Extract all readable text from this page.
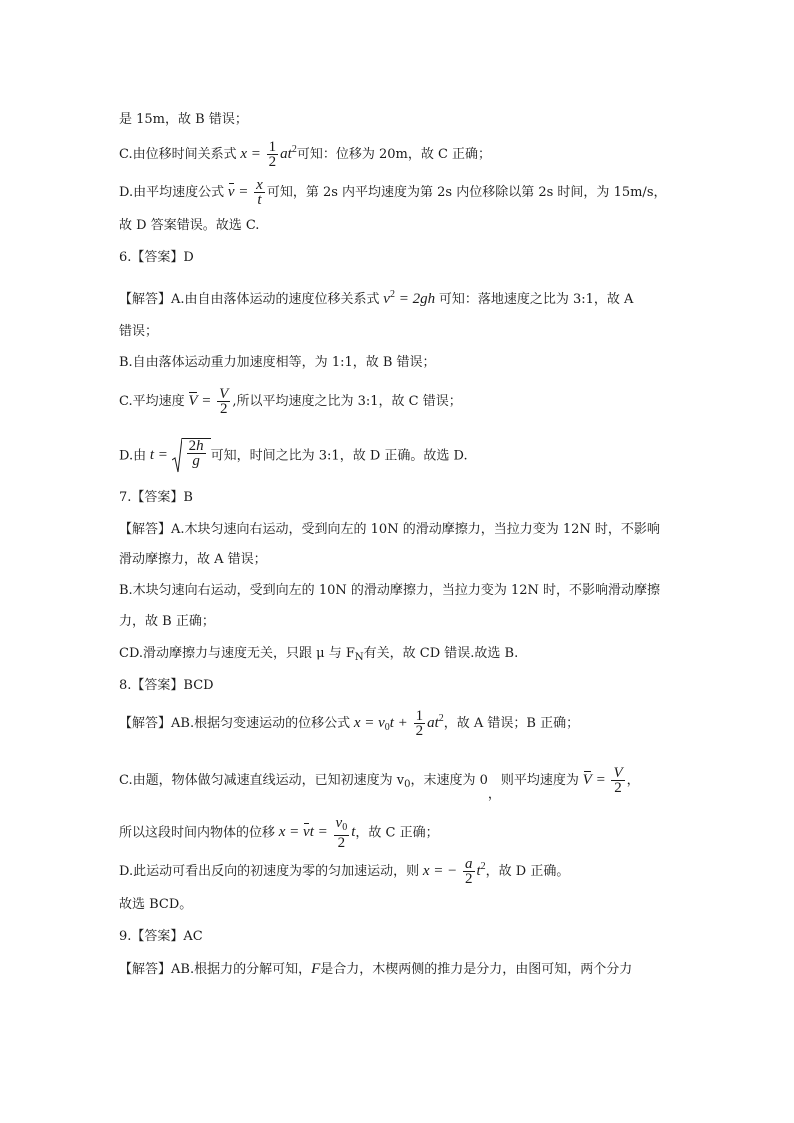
是 15m，故 B 错误；
C.由位移时间关系式 $x = \frac{1}{2} at^2$可知：位移为 20m，故 C 正确；
D.由平均速度公式 $v = \frac{x}{t}$ 可知，第 2s 内平均速度为第 2s 内位移除以第 2s 时间，为 15m/s，
故 D 答案错误。故选 C.
6.【答案】D
【解答】A.由自由落体运动的速度位移关系式 $v^2 = 2gh$ 可知：落地速度之比为 3:1，故 A
错误；
B.自由落体运动重力加速度相等，为 1:1，故 B 错误；
C.平均速度 $V = \frac{V}{2}$ ,所以平均速度之比为 3:1，故 C 错误；
D.由 $t = \frac{2h}{g}$ 可知，时间之比为 3:1，故 D 正确。故选 D.
7.【答案】B
【解答】A.木块匀速向右运动，受到向左的 10N 的滑动摩擦力，当拉力变为 12N 时，不影响
滑动摩擦力，故 A 错误；
B.木块匀速向右运动，受到向左的 10N 的滑动摩擦力，当拉力变为 12N 时，不影响滑动摩擦
力，故 B 正确；
CD.滑动摩擦力与速度无关，只跟 μ 与 $F_N$有关，故 CD 错误.故选 B.
8.【答案】BCD
【解答】AB.根据匀变速运动的位移公式 $x = v_0t + \frac{1}{2} at^2$，故 A 错误；B 正确；
C.由题，物体做匀减速直线运动，已知初速度为 $v_0$，末速度为 0，则平均速度为 $V = \frac{V}{2}$ ，
所以这段时间内物体的位移 x = vt = $\frac{v_0}{2}$ t，故 C 正确；
D.此运动可看出反向的初速度为零的匀加速运动，则 x = − $\frac{a}{2} t^2$，故 D 正确。
故选 BCD。
9.【答案】AC
【解答】AB.根据力的分解可知，F是合力，木楔两侧的推力是分力，由图可知，两个分力
